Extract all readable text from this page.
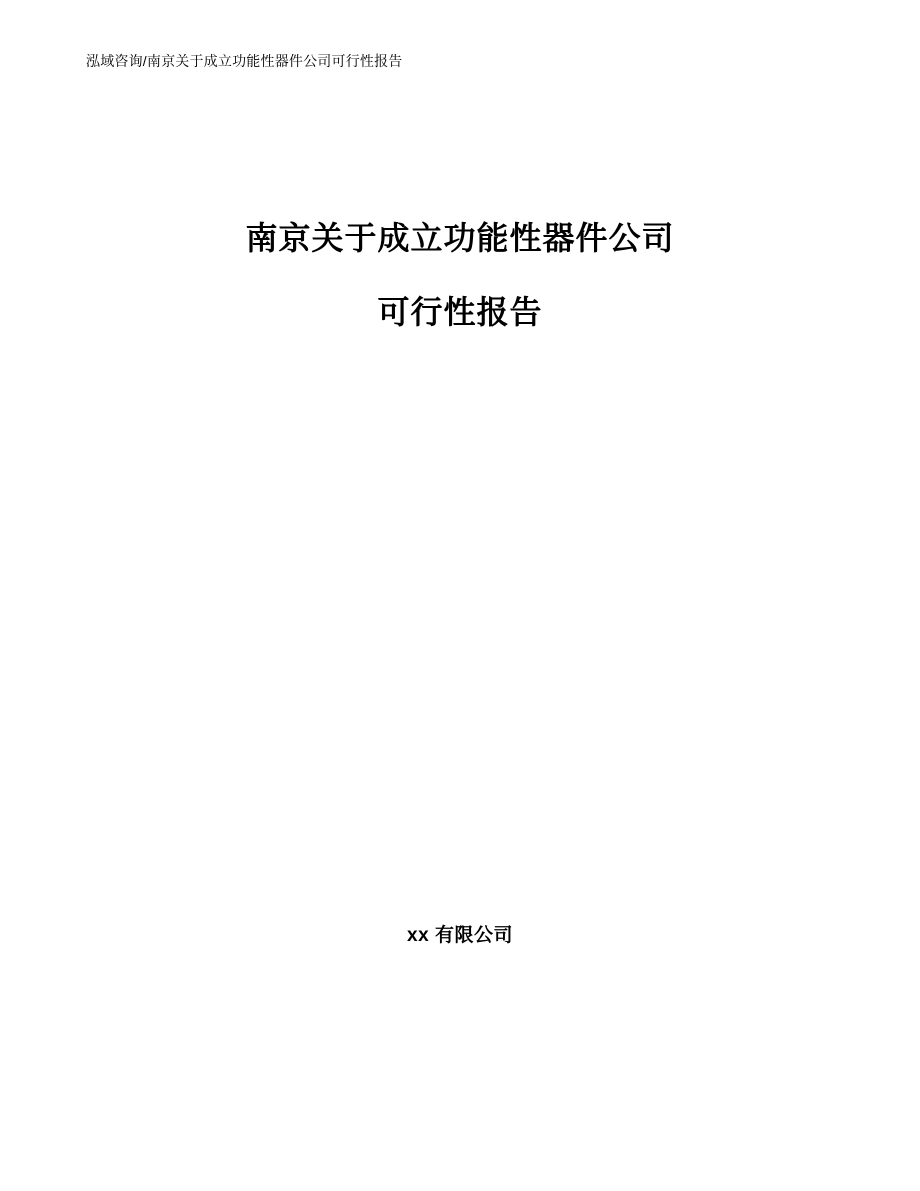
泓域咨询/南京关于成立功能性器件公司可行性报告
南京关于成立功能性器件公司
可行性报告
xx 有限公司
